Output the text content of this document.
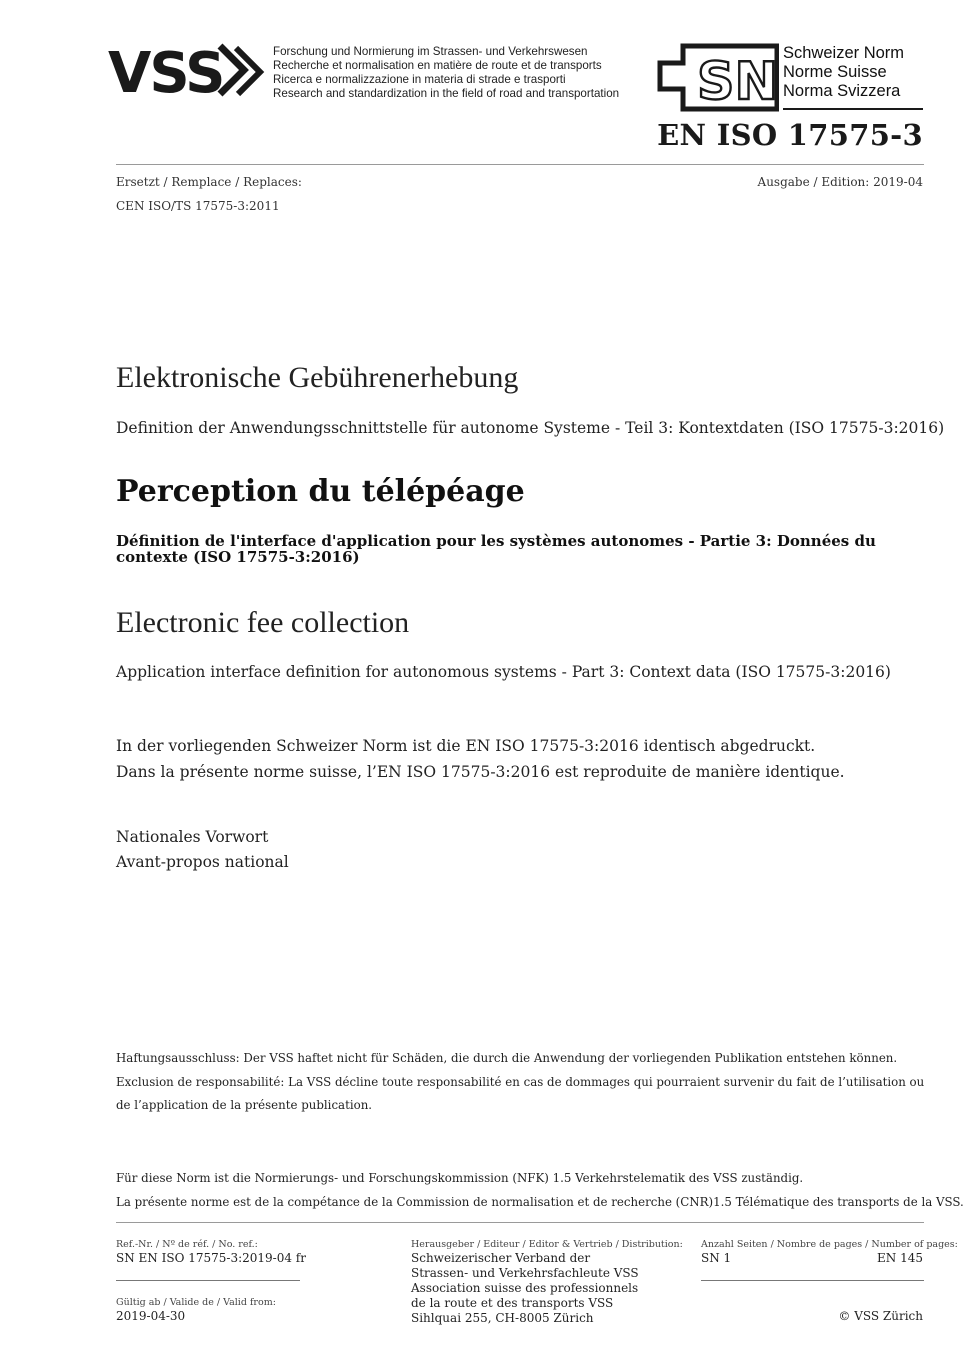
VSS	Forschung und Normierung im Strassen- und Verkehrswesen
Recherche et normalisation en matière de route et de transports
Ricerca e normalizzazione in materia di strade e trasporti
Research and standardization in the field of road and transportation SN Schweizer Norm
Norme Suisse
Norma Svizzera
EN ISO 17575-3
Ersetzt / Remplace / Replaces:	Ausgabe / Edition: 2019-04
CEN ISO/TS 17575-3:2011
Elektronische Gebührenerhebung
Definition der Anwendungsschnittstelle für autonome Systeme - Teil 3: Kontextdaten (ISO 17575-3:2016)
Perception du télépéage
Définition de l'interface d'application pour les systèmes autonomes - Partie 3: Données du contexte (ISO 17575-3:2016)
Electronic fee collection
Application interface definition for autonomous systems - Part 3: Context data (ISO 17575-3:2016)
In der vorliegenden Schweizer Norm ist die EN ISO 17575-3:2016 identisch abgedruckt.
Dans la présente norme suisse, l’EN ISO 17575-3:2016 est reproduite de manière identique.
Nationales Vorwort
Avant-propos national
Haftungsausschluss: Der VSS haftet nicht für Schäden, die durch die Anwendung der vorliegenden Publikation entstehen können.
Exclusion de responsabilité: La VSS décline toute responsabilité en cas de dommages qui pourraient survenir du fait de l’utilisation ou
de l’application de la présente publication.
Für diese Norm ist die Normierungs- und Forschungskommission (NFK) 1.5 Verkehrstelematik des VSS zuständig.
La présente norme est de la compétance de la Commission de normalisation et de recherche (CNR)1.5 Télématique des transports de la VSS.
Ref.-Nr. / Nº de réf. / No. ref.:
SN EN ISO 17575-3:2019-04 fr
Gültig ab / Valide de / Valid from:
2019-04-30
Herausgeber / Editeur / Editor & Vertrieb / Distribution:
Schweizerischer Verband der
Strassen- und Verkehrsfachleute VSS
Association suisse des professionnels
de la route et des transports VSS
Sihlquai 255, CH-8005 Zürich
Anzahl Seiten / Nombre de pages / Number of pages:
SN 1	EN 145
© VSS Zürich
